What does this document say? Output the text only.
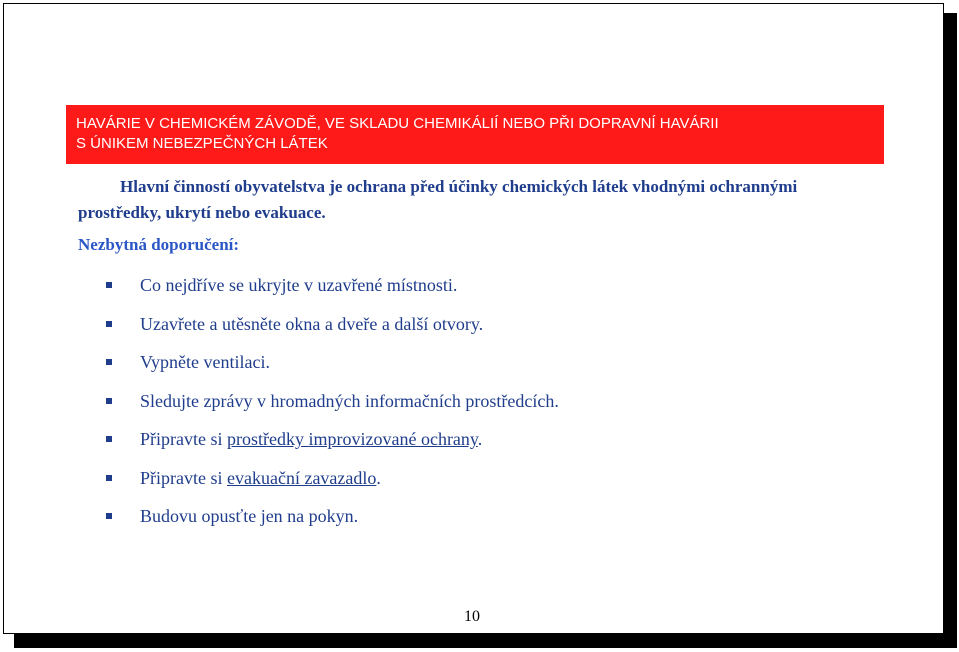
HAVÁRIE V CHEMICKÉM ZÁVODĚ, VE SKLADU CHEMIKÁLIÍ NEBO PŘI DOPRAVNÍ HAVÁRII
S ÚNIKEM NEBEZPEČNÝCH LÁTEK

Hlavní činností obyvatelstva je ochrana před účinky chemických látek vhodnými ochrannými prostředky, ukrytí nebo evakuace.

Nezbytná doporučení:

Co nejdříve se ukryjte v uzavřené místnosti.
Uzavřete a utěsněte okna a dveře a další otvory.
Vypněte ventilaci.
Sledujte zprávy v hromadných informačních prostředcích.
Připravte si prostředky improvizované ochrany.
Připravte si evakuační zavazadlo.
Budovu opusťte jen na pokyn.
10
